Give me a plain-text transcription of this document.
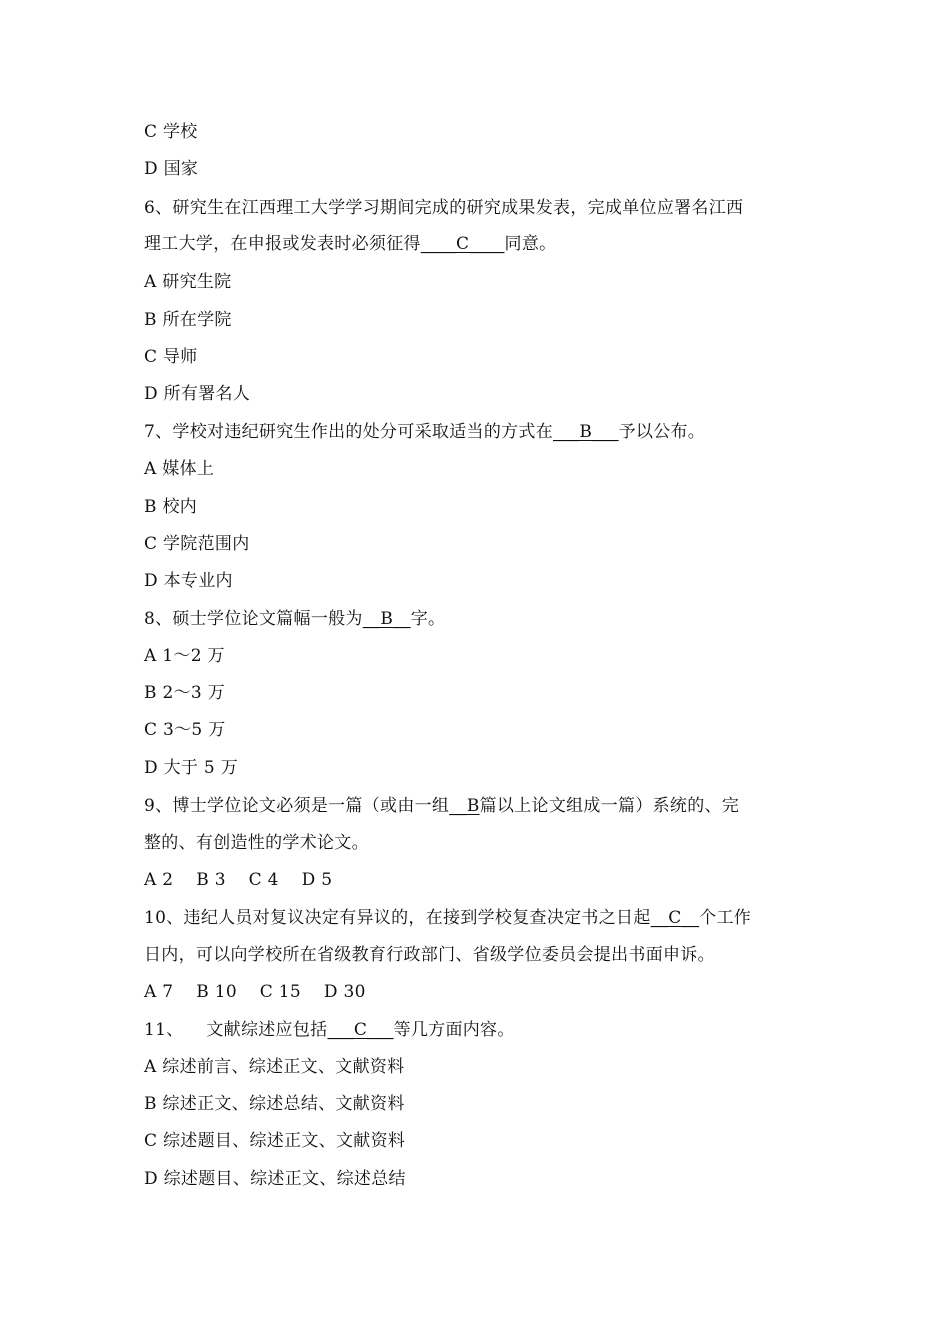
C 学校
D 国家
6、研究生在江西理工大学学习期间完成的研究成果发表，完成单位应署名江西
理工大学，在申报或发表时必须征得____C____同意。
A 研究生院
B 所在学院
C 导师
D 所有署名人
7、学校对违纪研究生作出的处分可采取适当的方式在___B___予以公布。
A 媒体上
B 校内
C 学院范围内
D 本专业内
8、硕士学位论文篇幅一般为__B__字。
A 1～2 万
B 2～3 万
C 3～5 万
D 大于 5 万
9、博士学位论文必须是一篇（或由一组__B篇以上论文组成一篇）系统的、完
整的、有创造性的学术论文。
A 2    B 3    C 4    D 5
10、违纪人员对复议决定有异议的，在接到学校复查决定书之日起__C__个工作
日内，可以向学校所在省级教育行政部门、省级学位委员会提出书面申诉。
A 7    B 10    C 15    D 30
11、    文献综述应包括___C___等几方面内容。
A 综述前言、综述正文、文献资料
B 综述正文、综述总结、文献资料
C 综述题目、综述正文、文献资料
D 综述题目、综述正文、综述总结
